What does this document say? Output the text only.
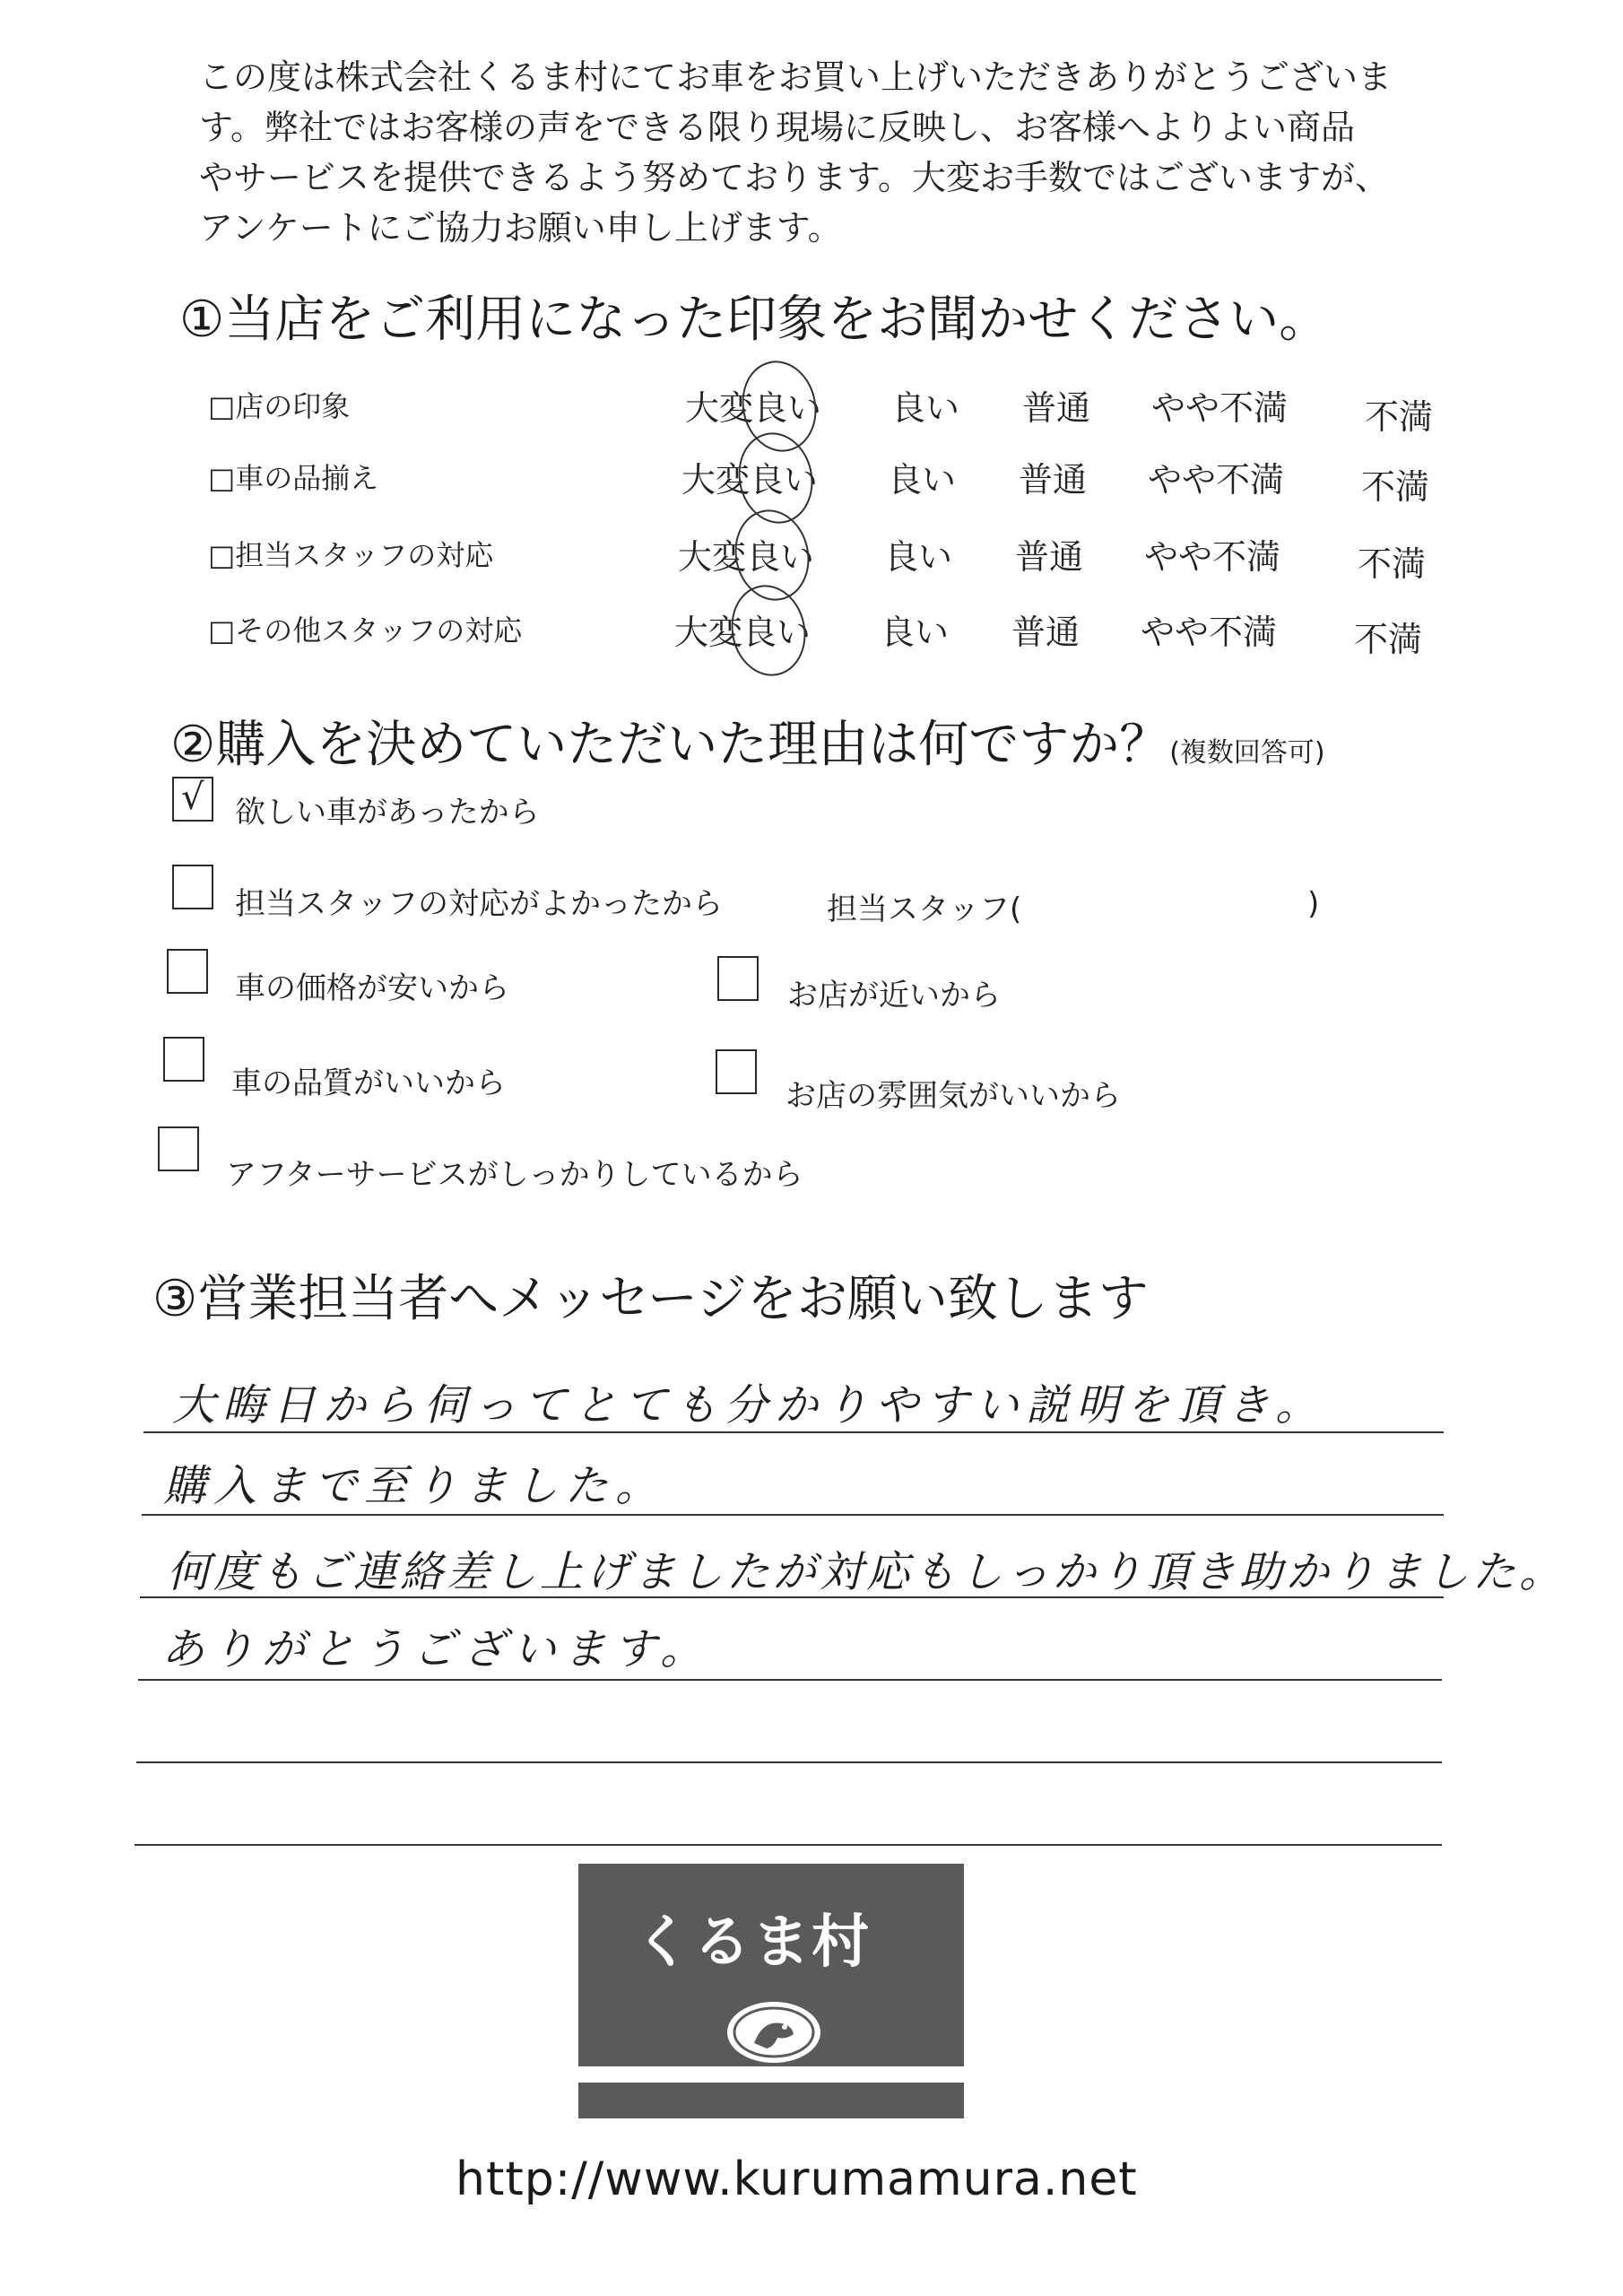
この度は株式会社くるま村にてお車をお買い上げいただきありがとうございま

す。弊社ではお客様の声をできる限り現場に反映し、お客様へよりよい商品

やサービスを提供できるよう努めております。大変お手数ではございますが、

アンケートにご協力お願い申し上げます。

①当店をご利用になった印象をお聞かせください。
□店の印象	大変良い 良い 普通 やや不満 不満
□車の品揃え	大変良い 良い 普通 やや不満 不満
□担当スタッフの対応	大変良い 良い 普通 やや不満 不満
□その他スタッフの対応	大変良い 良い 普通 やや不満 不満
②購入を決めていただいた理由は何ですか？(複数回答可)
√ 欲しい車があったから
担当スタッフの対応がよかったから	担当スタッフ(	)
車の価格が安いから	お店が近いから
車の品質がいいから	お店の雰囲気がいいから
アフターサービスがしっかりしているから
③営業担当者へメッセージをお願い致します
大晦日から伺ってとても分かりやすい説明を頂き。
購入まで至りました。
何度もご連絡差し上げましたが対応もしっかり頂き助かりました。
ありがとうございます。
くるま村
http://www.kurumamura.net
